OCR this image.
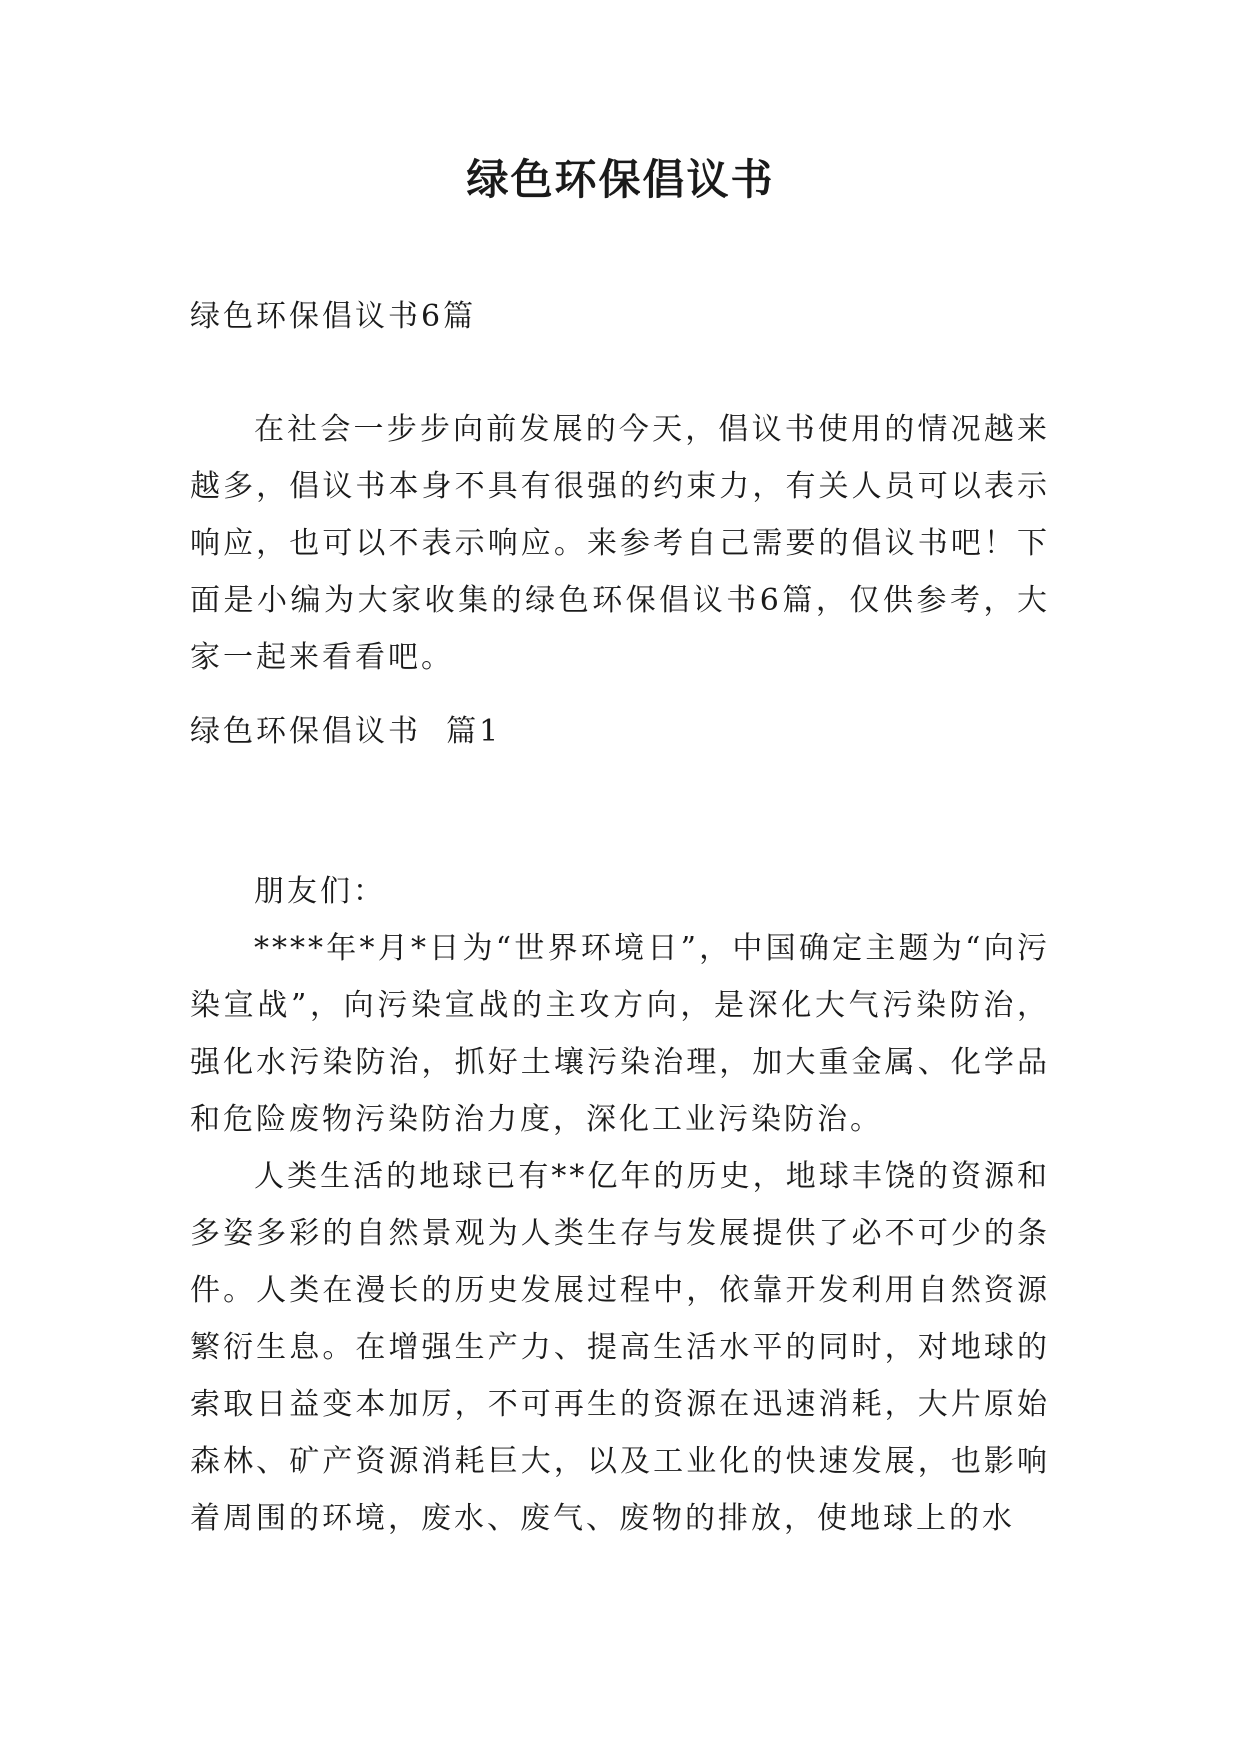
绿色环保倡议书
绿色环保倡议书6篇
在社会一步步向前发展的今天，倡议书使用的情况越来越多，倡议书本身不具有很强的约束力，有关人员可以表示响应，也可以不表示响应。来参考自己需要的倡议书吧！下面是小编为大家收集的绿色环保倡议书6篇，仅供参考，大家一起来看看吧。
绿色环保倡议书  篇1
朋友们：
****年*月*日为“世界环境日”，中国确定主题为“向污染宣战”，向污染宣战的主攻方向，是深化大气污染防治，强化水污染防治，抓好土壤污染治理，加大重金属、化学品和危险废物污染防治力度，深化工业污染防治。
人类生活的地球已有**亿年的历史，地球丰饶的资源和多姿多彩的自然景观为人类生存与发展提供了必不可少的条件。人类在漫长的历史发展过程中，依靠开发利用自然资源繁衍生息。在增强生产力、提高生活水平的同时，对地球的索取日益变本加厉，不可再生的资源在迅速消耗，大片原始森林、矿产资源消耗巨大，以及工业化的快速发展，也影响着周围的环境，废水、废气、废物的排放，使地球上的水
